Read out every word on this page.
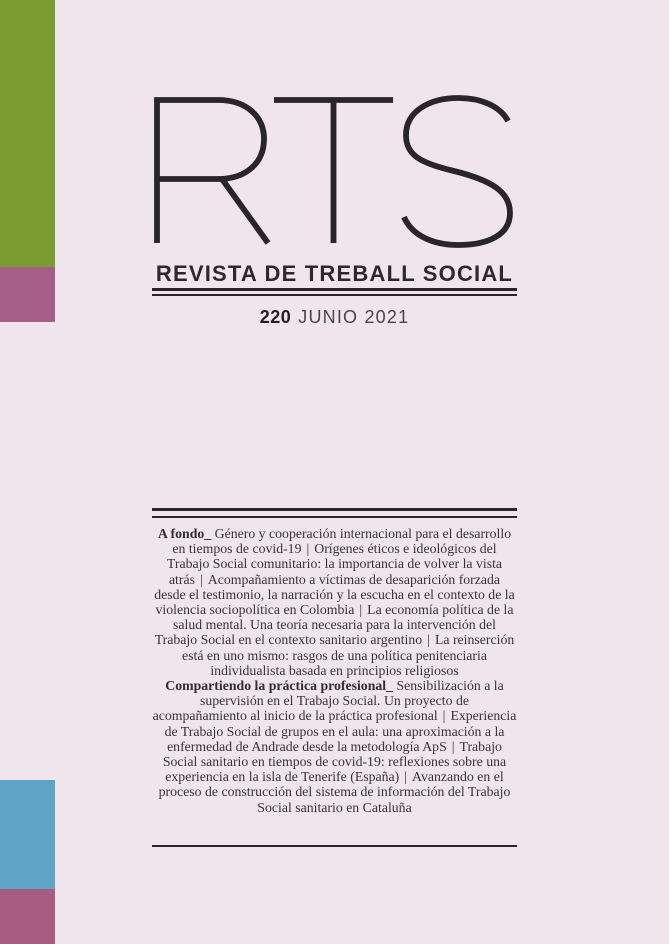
REVISTA DE TREBALL SOCIAL
220 JUNIO 2021
A fondo_ Género y cooperación internacional para el desarrollo en tiempos de covid-19 | Orígenes éticos e ideológicos del Trabajo Social comunitario: la importancia de volver la vista atrás | Acompañamiento a víctimas de desaparición forzada desde el testimonio, la narración y la escucha en el contexto de la violencia sociopolítica en Colombia | La economía política de la salud mental. Una teoría necesaria para la intervención del Trabajo Social en el contexto sanitario argentino | La reinserción está en uno mismo: rasgos de una política penitenciaria individualista basada en principios religiosos
Compartiendo la práctica profesional_ Sensibilización a la supervisión en el Trabajo Social. Un proyecto de acompañamiento al inicio de la práctica profesional | Experiencia de Trabajo Social de grupos en el aula: una aproximación a la enfermedad de Andrade desde la metodología ApS | Trabajo Social sanitario en tiempos de covid-19: reflexiones sobre una experiencia en la isla de Tenerife (España) | Avanzando en el proceso de construcción del sistema de información del Trabajo Social sanitario en Cataluña
